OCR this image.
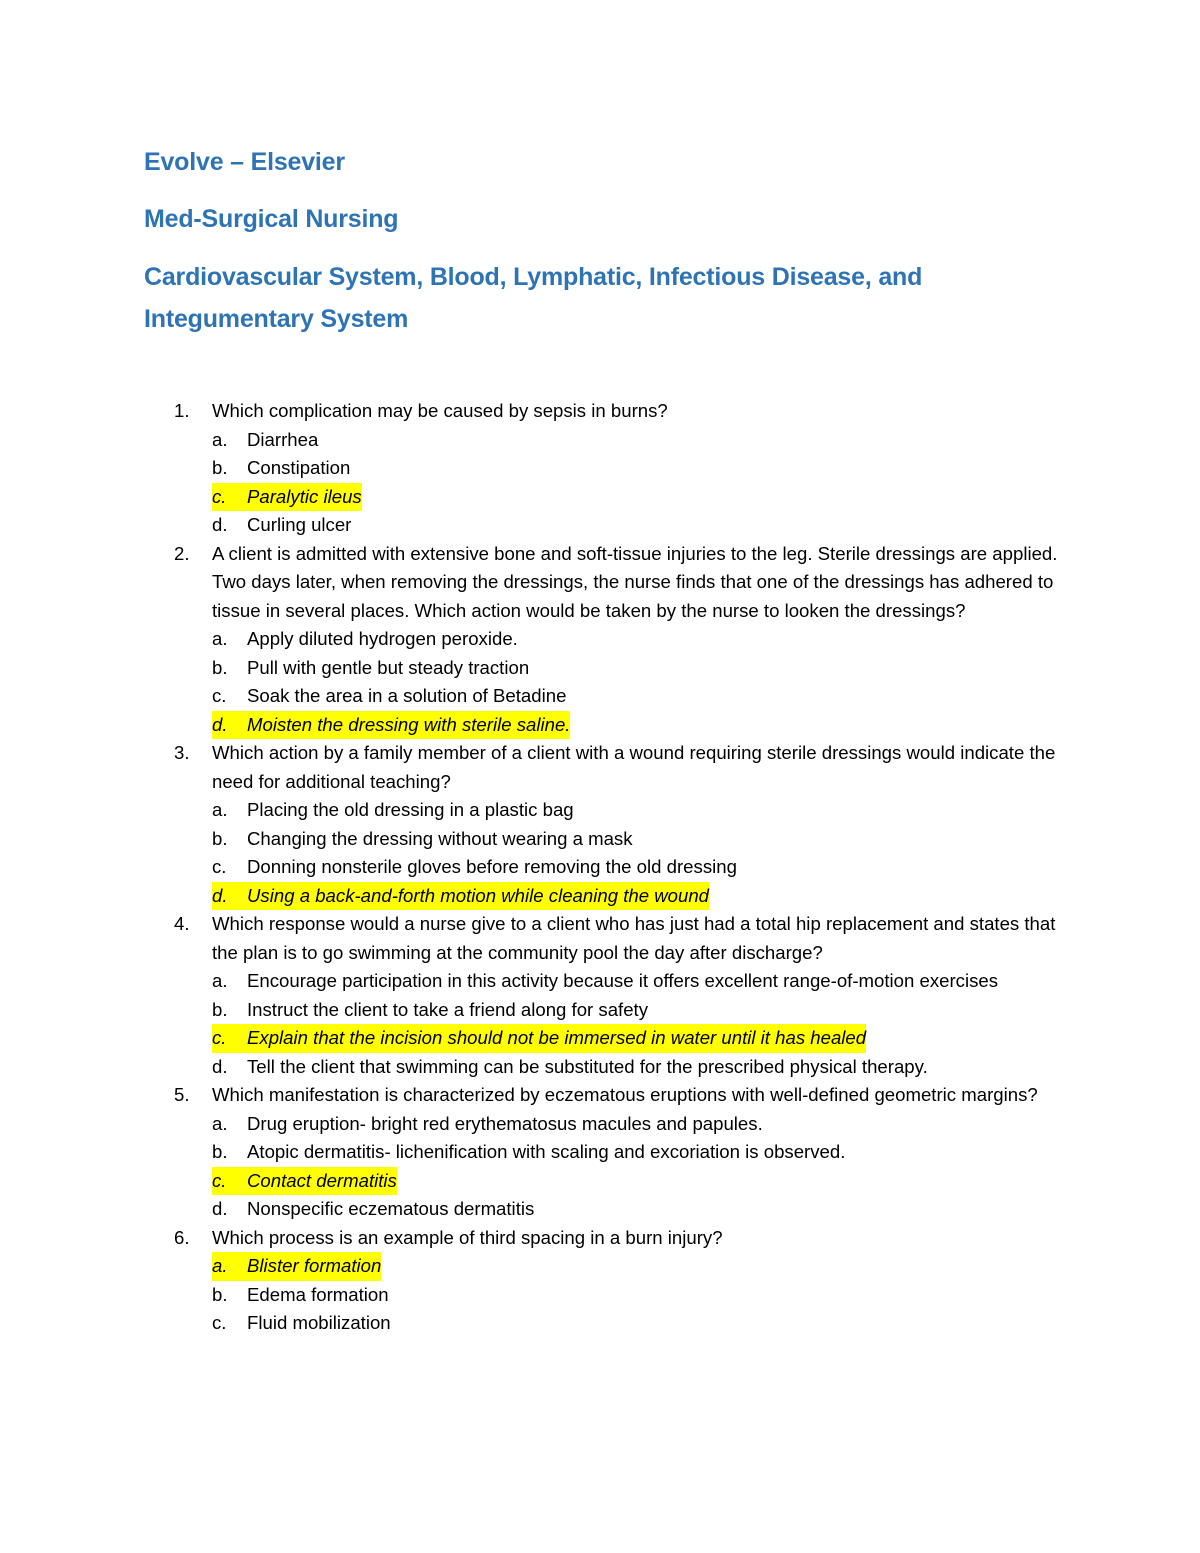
Evolve – Elsevier
Med-Surgical Nursing
Cardiovascular System, Blood, Lymphatic, Infectious Disease, and Integumentary System
1. Which complication may be caused by sepsis in burns?
a. Diarrhea
b. Constipation
c. Paralytic ileus
d. Curling ulcer
2. A client is admitted with extensive bone and soft-tissue injuries to the leg. Sterile dressings are applied. Two days later, when removing the dressings, the nurse finds that one of the dressings has adhered to tissue in several places. Which action would be taken by the nurse to looken the dressings?
a. Apply diluted hydrogen peroxide.
b. Pull with gentle but steady traction
c. Soak the area in a solution of Betadine
d. Moisten the dressing with sterile saline.
3. Which action by a family member of a client with a wound requiring sterile dressings would indicate the need for additional teaching?
a. Placing the old dressing in a plastic bag
b. Changing the dressing without wearing a mask
c. Donning nonsterile gloves before removing the old dressing
d. Using a back-and-forth motion while cleaning the wound
4. Which response would a nurse give to a client who has just had a total hip replacement and states that the plan is to go swimming at the community pool the day after discharge?
a. Encourage participation in this activity because it offers excellent range-of-motion exercises
b. Instruct the client to take a friend along for safety
c. Explain that the incision should not be immersed in water until it has healed
d. Tell the client that swimming can be substituted for the prescribed physical therapy.
5. Which manifestation is characterized by eczematous eruptions with well-defined geometric margins?
a. Drug eruption- bright red erythematosus macules and papules.
b. Atopic dermatitis- lichenification with scaling and excoriation is observed.
c. Contact dermatitis
d. Nonspecific eczematous dermatitis
6. Which process is an example of third spacing in a burn injury?
a. Blister formation
b. Edema formation
c. Fluid mobilization
